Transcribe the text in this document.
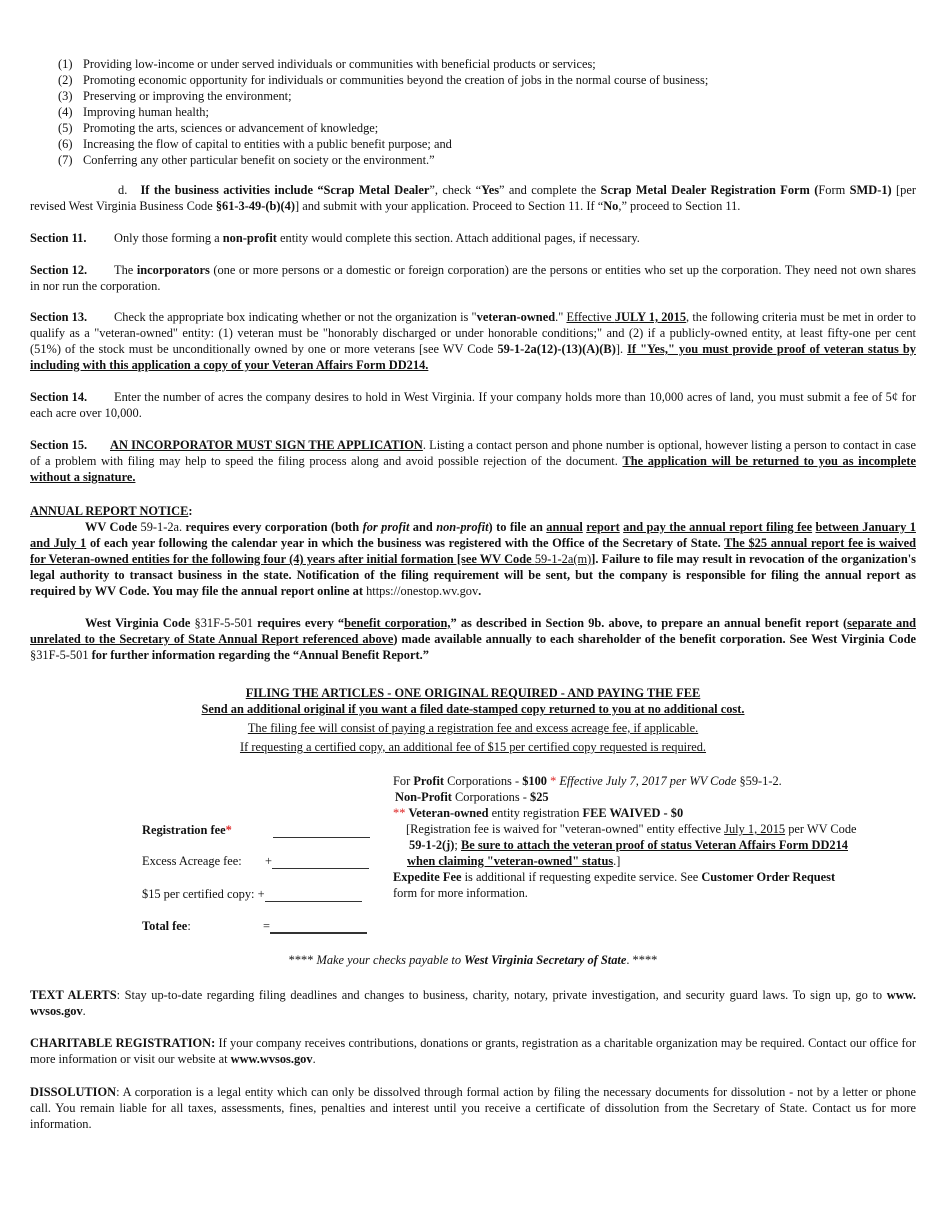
(1) Providing low-income or under served individuals or communities with beneficial products or services;
(2) Promoting economic opportunity for individuals or communities beyond the creation of jobs in the normal course of business;
(3) Preserving or improving the environment;
(4) Improving human health;
(5) Promoting the arts, sciences or advancement of knowledge;
(6) Increasing the flow of capital to entities with a public benefit purpose; and
(7) Conferring any other particular benefit on society or the environment.”
d. If the business activities include “Scrap Metal Dealer”, check “Yes” and complete the Scrap Metal Dealer Registration Form (Form SMD-1) [per revised West Virginia Business Code §61-3-49-(b)(4)] and submit with your application. Proceed to Section 11. If “No,” proceed to Section 11.
Section 11. Only those forming a non-profit entity would complete this section. Attach additional pages, if necessary.
Section 12. The incorporators (one or more persons or a domestic or foreign corporation) are the persons or entities who set up the corporation. They need not own shares in nor run the corporation.
Section 13. Check the appropriate box indicating whether or not the organization is "veteran-owned." Effective JULY 1, 2015, the following criteria must be met in order to qualify as a "veteran-owned" entity: (1) veteran must be "honorably discharged or under honorable conditions;" and (2) if a publicly-owned entity, at least fifty-one per cent (51%) of the stock must be unconditionally owned by one or more veterans [see WV Code 59-1-2a(12)-(13)(A)(B)]. If "Yes," you must provide proof of veteran status by including with this application a copy of your Veteran Affairs Form DD214.
Section 14. Enter the number of acres the company desires to hold in West Virginia. If your company holds more than 10,000 acres of land, you must submit a fee of 5¢ for each acre over 10,000.
Section 15. AN INCORPORATOR MUST SIGN THE APPLICATION. Listing a contact person and phone number is optional, however listing a person to contact in case of a problem with filing may help to speed the filing process along and avoid possible rejection of the document. The application will be returned to you as incomplete without a signature.
ANNUAL REPORT NOTICE:
WV Code 59-1-2a. requires every corporation (both for profit and non-profit) to file an annual report and pay the annual report filing fee between January 1 and July 1 of each year following the calendar year in which the business was registered with the Office of the Secretary of State. The $25 annual report fee is waived for Veteran-owned entities for the following four (4) years after initial formation [see WV Code 59-1-2a(m)]. Failure to file may result in revocation of the organization's legal authority to transact business in the state. Notification of the filing requirement will be sent, but the company is responsible for filing the annual report as required by WV Code. You may file the annual report online at https://onestop.wv.gov.
West Virginia Code §31F-5-501 requires every “benefit corporation,” as described in Section 9b. above, to prepare an annual benefit report (separate and unrelated to the Secretary of State Annual Report referenced above) made available annually to each shareholder of the benefit corporation. See West Virginia Code §31F-5-501 for further information regarding the “Annual Benefit Report.”
FILING THE ARTICLES - ONE ORIGINAL REQUIRED - AND PAYING THE FEE
Send an additional original if you want a filed date-stamped copy returned to you at no additional cost.
The filing fee will consist of paying a registration fee and excess acreage fee, if applicable.
If requesting a certified copy, an additional fee of $15 per certified copy requested is required.
Registration fee*
Excess Acreage fee: +
$15 per certified copy: +
Total fee:	=
For Profit Corporations - $100 * Effective July 7, 2017 per WV Code §59-1-2.
Non-Profit Corporations - $25
** Veteran-owned entity registration FEE WAIVED - $0
[Registration fee is waived for "veteran-owned" entity effective July 1, 2015 per WV Code
59-1-2(j); Be sure to attach the veteran proof of status Veteran Affairs Form DD214
when claiming "veteran-owned" status.]
Expedite Fee is additional if requesting expedite service. See Customer Order Request
form for more information.
**** Make your checks payable to West Virginia Secretary of State. ****
TEXT ALERTS: Stay up-to-date regarding filing deadlines and changes to business, charity, notary, private investigation, and security guard laws. To sign up, go to www. wvsos.gov.
CHARITABLE REGISTRATION: If your company receives contributions, donations or grants, registration as a charitable organization may be required. Contact our office for more information or visit our website at www.wvsos.gov.
DISSOLUTION: A corporation is a legal entity which can only be dissolved through formal action by filing the necessary documents for dissolution - not by a letter or phone call. You remain liable for all taxes, assessments, fines, penalties and interest until you receive a certificate of dissolution from the Secretary of State. Contact us for more information.
